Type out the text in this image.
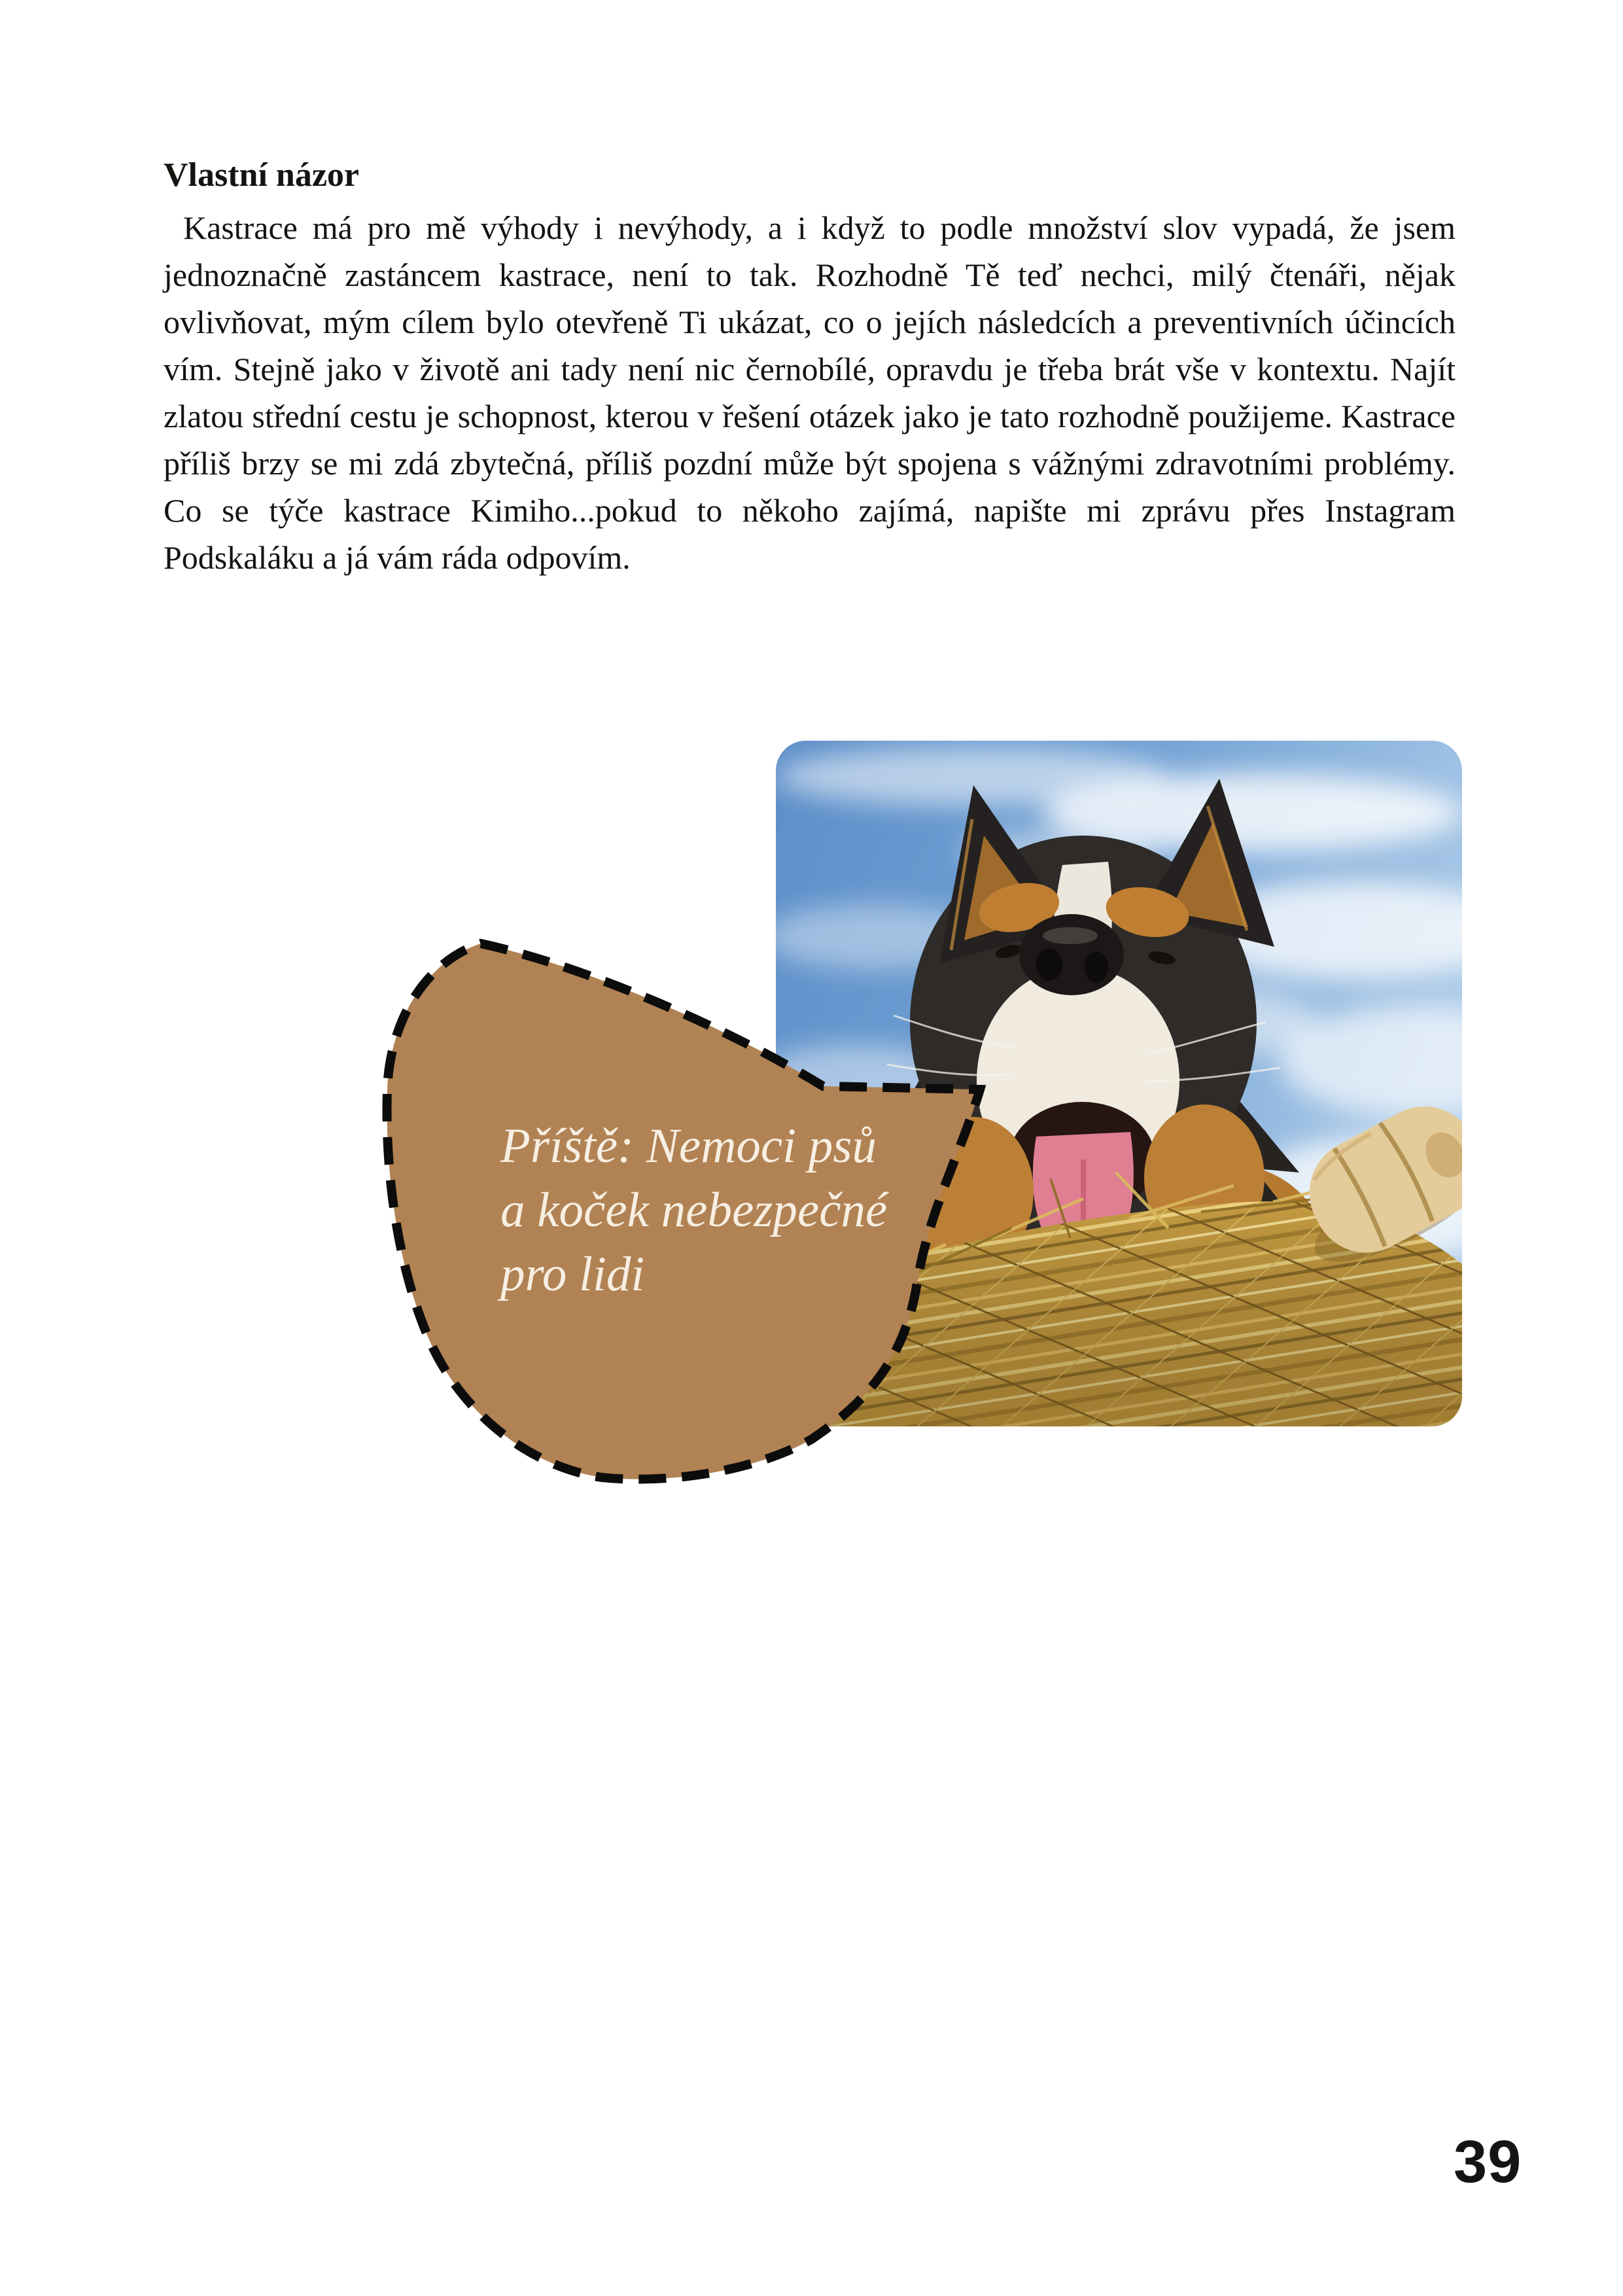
Vlastní názor

Kastrace má pro mě výhody i nevýhody, a i když to podle množství slov vypadá, že jsem jednoznačně zastáncem kastrace, není to tak. Rozhodně Tě teď nechci, milý čtenáři, nějak ovlivňovat, mým cílem bylo otevřeně Ti ukázat, co o jejích následcích a preventivních účincích vím. Stejně jako v životě ani tady není nic černobílé, opravdu je třeba brát vše v kontextu. Najít zlatou střední cestu je schopnost, kterou v řešení otázek jako je tato rozhodně použijeme. Kastrace příliš brzy se mi zdá zbytečná, příliš pozdní může být spojena s vážnými zdravotními problémy. Co se týče kastrace Kimiho...pokud to někoho zajímá, napište mi zprávu přes Instagram Podskaláku a já vám ráda odpovím.

Příště: Nemoci psů
a koček nebezpečné
pro lidi
39
